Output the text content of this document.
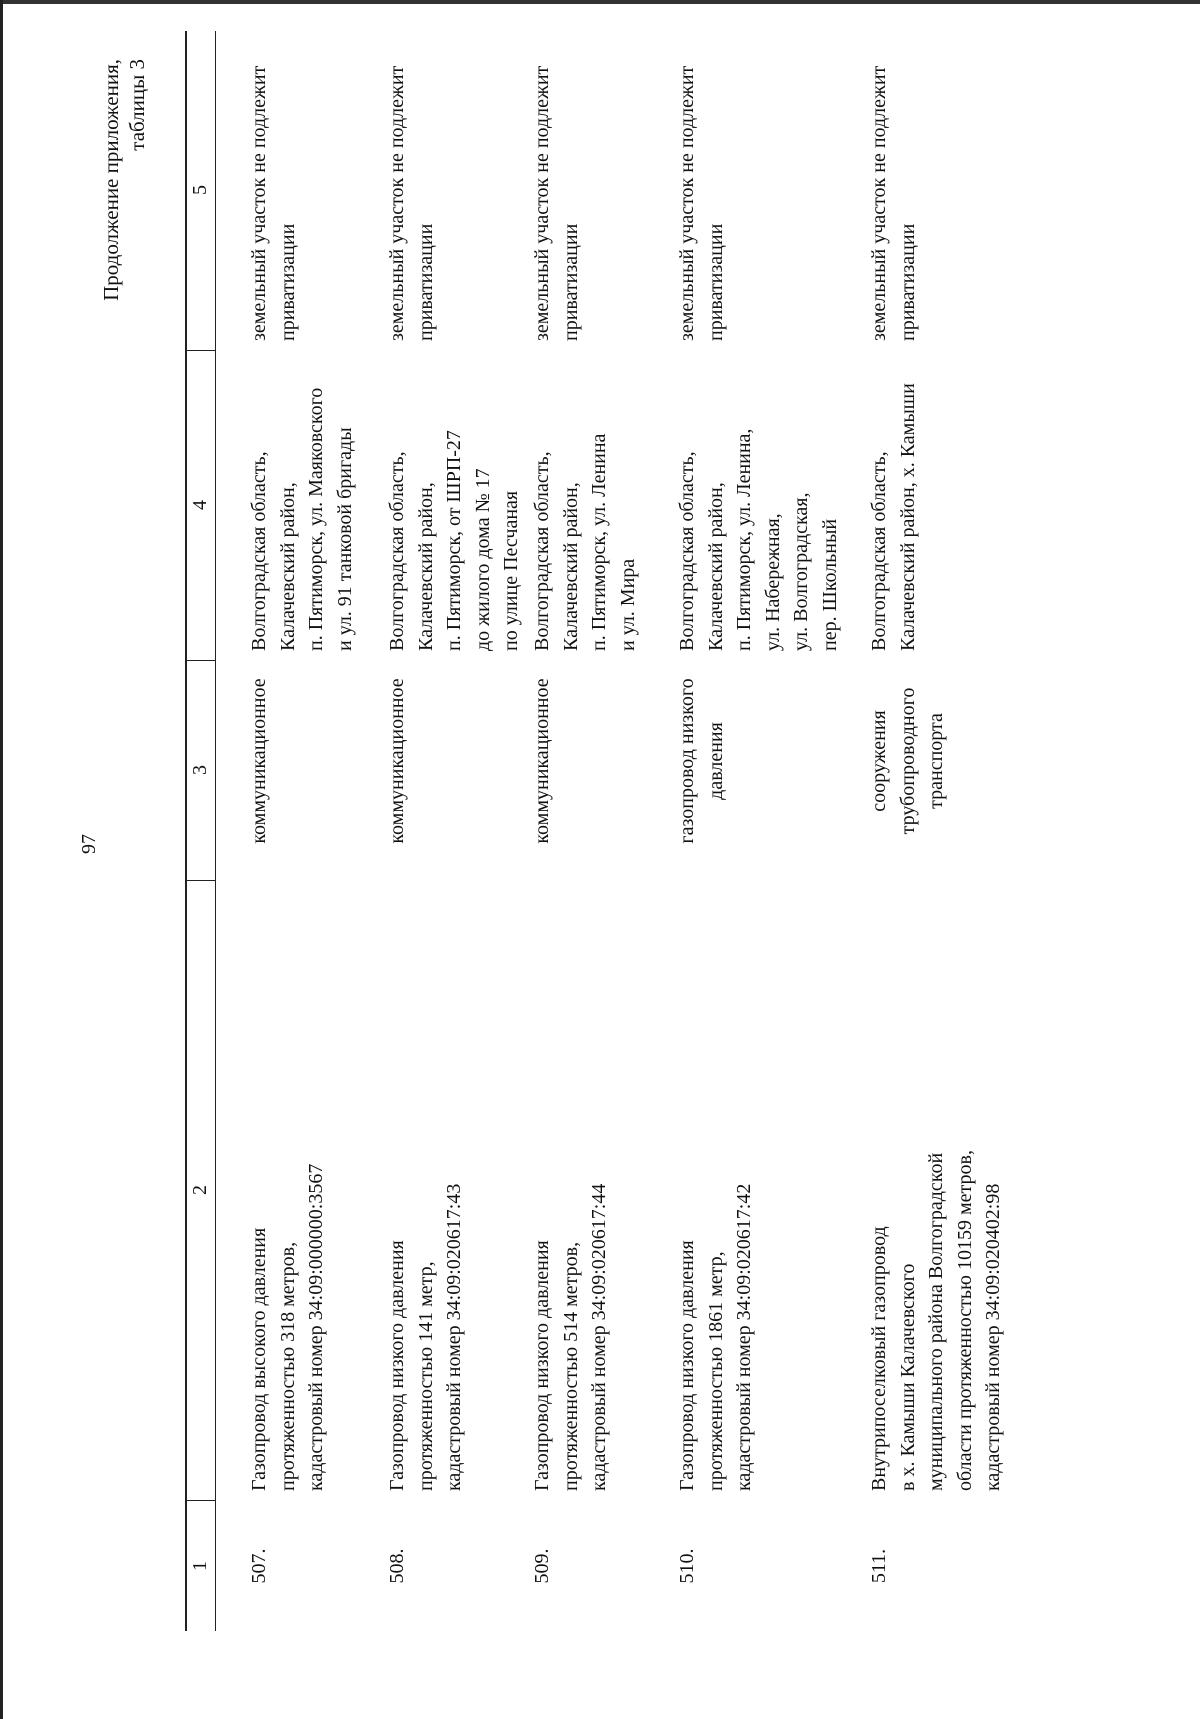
97
Продолжение приложения, таблицы 3
1
2
3
4
5
507.
Газопровод высокого давления протяженностью 318 метров, кадастровый номер 34:09:000000:3567
коммуникационное
Волгоградская область, Калачевский район, п. Пятиморск, ул. Маяковского и ул. 91 танковой бригады
земельный участок не подлежит приватизации
508.
Газопровод низкого давления протяженностью 141 метр, кадастровый номер 34:09:020617:43
коммуникационное
Волгоградская область, Калачевский район, п. Пятиморск, от ШРП-27 до жилого дома № 17 по улице Песчаная
земельный участок не подлежит приватизации
509.
Газопровод низкого давления протяженностью 514 метров, кадастровый номер 34:09:020617:44
коммуникационное
Волгоградская область, Калачевский район, п. Пятиморск, ул. Ленина и ул. Мира
земельный участок не подлежит приватизации
510.
Газопровод низкого давления протяженностью 1861 метр, кадастровый номер 34:09:020617:42
газопровод низкого давления
Волгоградская область, Калачевский район, п. Пятиморск, ул. Ленина, ул. Набережная, ул. Волгоградская, пер. Школьный
земельный участок не подлежит приватизации
511.
Внутрипоселковый газопровод в х. Камыши Калачевского муниципального района Волгоградской области протяженностью 10159 метров, кадастровый номер 34:09:020402:98
сооружения трубопроводного транспорта
Волгоградская область, Калачевский район, х. Камыши
земельный участок не подлежит приватизации
